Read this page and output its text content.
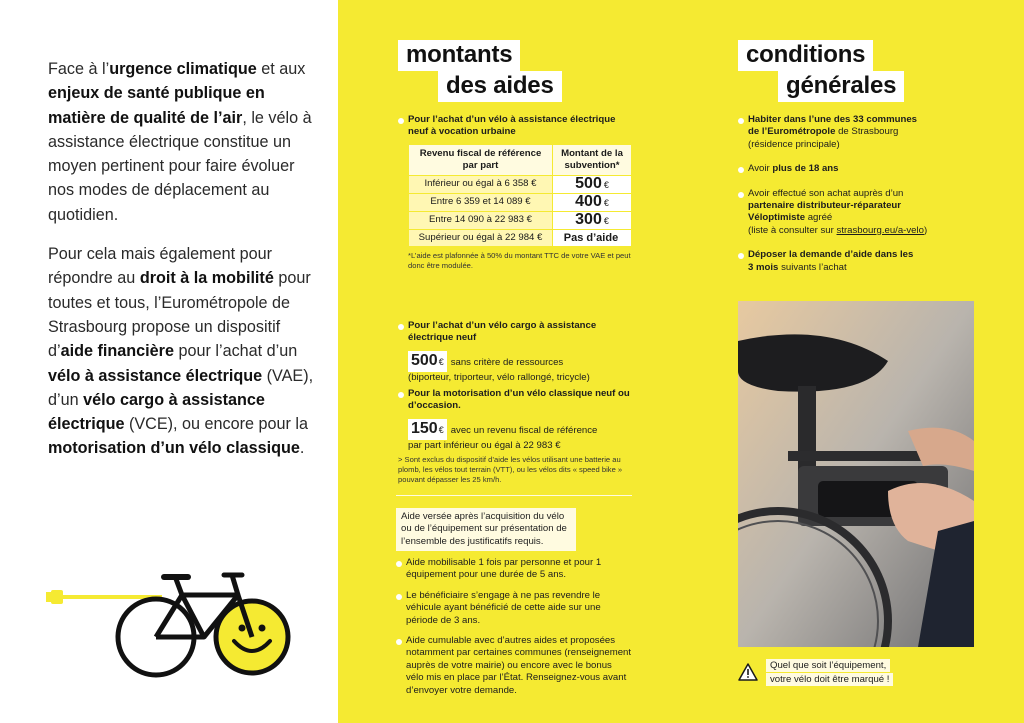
Face à l’urgence climatique et aux enjeux de santé publique en matière de qualité de l’air, le vélo à assistance électrique constitue un moyen pertinent pour faire évoluer nos modes de déplacement au quotidien.

Pour cela mais également pour répondre au droit à la mobilité pour toutes et tous, l’Eurométropole de Strasbourg propose un dispositif d’aide financière pour l’achat d’un vélo à assistance électrique (VAE), d’un vélo cargo à assistance électrique (VCE), ou encore pour la motorisation d’un vélo classique.

montants
des aides
Pour l’achat d’un vélo à assistance électrique neuf à vocation urbaine
Revenu fiscal de référence par part	Montant de la subvention*
Inférieur ou égal à 6 358 €	500 €
Entre 6 359 et 14 089 €	400 €
Entre 14 090 à 22 983 €	300 €
Supérieur ou égal à 22 984 €	Pas d’aide
*L’aide est plafonnée à 50% du montant TTC de votre VAE et peut donc être modulée.
Pour l’achat d’un vélo cargo à assistance électrique neuf
500€ sans critère de ressources
(biporteur, triporteur, vélo rallongé, tricycle)
Pour la motorisation d’un vélo classique neuf ou d’occasion.
150€ avec un revenu fiscal de référence
par part inférieur ou égal à 22 983 €
> Sont exclus du dispositif d’aide les vélos utilisant une batterie au plomb, les vélos tout terrain (VTT), ou les vélos dits « speed bike » pouvant dépasser les 25 km/h.
Aide versée après l’acquisition du vélo ou de l’équipement sur présentation de l’ensemble des justificatifs requis.
Aide mobilisable 1 fois par personne et pour 1 équipement pour une durée de 5 ans.
Le bénéficiaire s’engage à ne pas revendre le véhicule ayant bénéficié de cette aide sur une période de 3 ans.
Aide cumulable avec d’autres aides et proposées notamment par certaines communes (renseignement auprès de votre mairie) ou encore avec le bonus vélo mis en place par l’État. Renseignez-vous avant d’envoyer votre demande.
conditions
générales
Habiter dans l’une des 33 communes
de l’Eurométropole de Strasbourg
(résidence principale)
Avoir plus de 18 ans
Avoir effectué son achat auprès d’un
partenaire distributeur-réparateur
Véloptimiste agréé
(liste à consulter sur strasbourg.eu/a-velo)
Déposer la demande d’aide dans les
3 mois suivants l’achat
Quel que soit l’équipement,
votre vélo doit être marqué !
